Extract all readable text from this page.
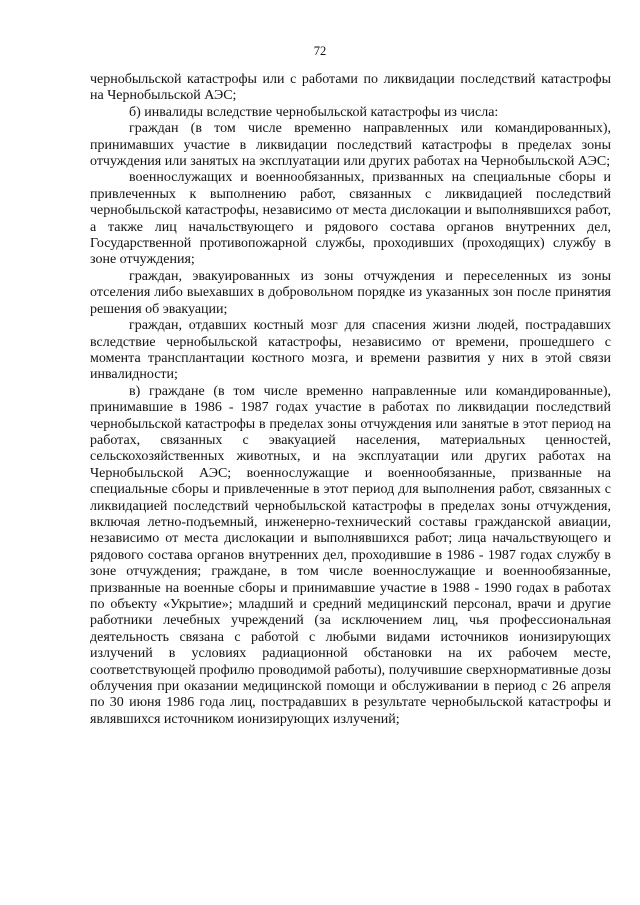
72

чернобыльской катастрофы или с работами по ликвидации последствий катастрофы на Чернобыльской АЭС;

б) инвалиды вследствие чернобыльской катастрофы из числа:

граждан (в том числе временно направленных или командированных), принимавших участие в ликвидации последствий катастрофы в пределах зоны отчуждения или занятых на эксплуатации или других работах на Чернобыльской АЭС;

военнослужащих и военнообязанных, призванных на специальные сборы и привлеченных к выполнению работ, связанных с ликвидацией последствий чернобыльской катастрофы, независимо от места дислокации и выполнявшихся работ, а также лиц начальствующего и рядового состава органов внутренних дел, Государственной противопожарной службы, проходивших (проходящих) службу в зоне отчуждения;

граждан, эвакуированных из зоны отчуждения и переселенных из зоны отселения либо выехавших в добровольном порядке из указанных зон после принятия решения об эвакуации;

граждан, отдавших костный мозг для спасения жизни людей, пострадавших вследствие чернобыльской катастрофы, независимо от времени, прошедшего с момента трансплантации костного мозга, и времени развития у них в этой связи инвалидности;

в) граждане (в том числе временно направленные или командированные), принимавшие в 1986 - 1987 годах участие в работах по ликвидации последствий чернобыльской катастрофы в пределах зоны отчуждения или занятые в этот период на работах, связанных с эвакуацией населения, материальных ценностей, сельскохозяйственных животных, и на эксплуатации или других работах на Чернобыльской АЭС; военнослужащие и военнообязанные, призванные на специальные сборы и привлеченные в этот период для выполнения работ, связанных с ликвидацией последствий чернобыльской катастрофы в пределах зоны отчуждения, включая летно-подъемный, инженерно-технический составы гражданской авиации, независимо от места дислокации и выполнявшихся работ; лица начальствующего и рядового состава органов внутренних дел, проходившие в 1986 - 1987 годах службу в зоне отчуждения; граждане, в том числе военнослужащие и военнообязанные, призванные на военные сборы и принимавшие участие в 1988 - 1990 годах в работах по объекту «Укрытие»; младший и средний медицинский персонал, врачи и другие работники лечебных учреждений (за исключением лиц, чья профессиональная деятельность связана с работой с любыми видами источников ионизирующих излучений в условиях радиационной обстановки на их рабочем месте, соответствующей профилю проводимой работы), получившие сверхнормативные дозы облучения при оказании медицинской помощи и обслуживании в период с 26 апреля по 30 июня 1986 года лиц, пострадавших в результате чернобыльской катастрофы и являвшихся источником ионизирующих излучений;
